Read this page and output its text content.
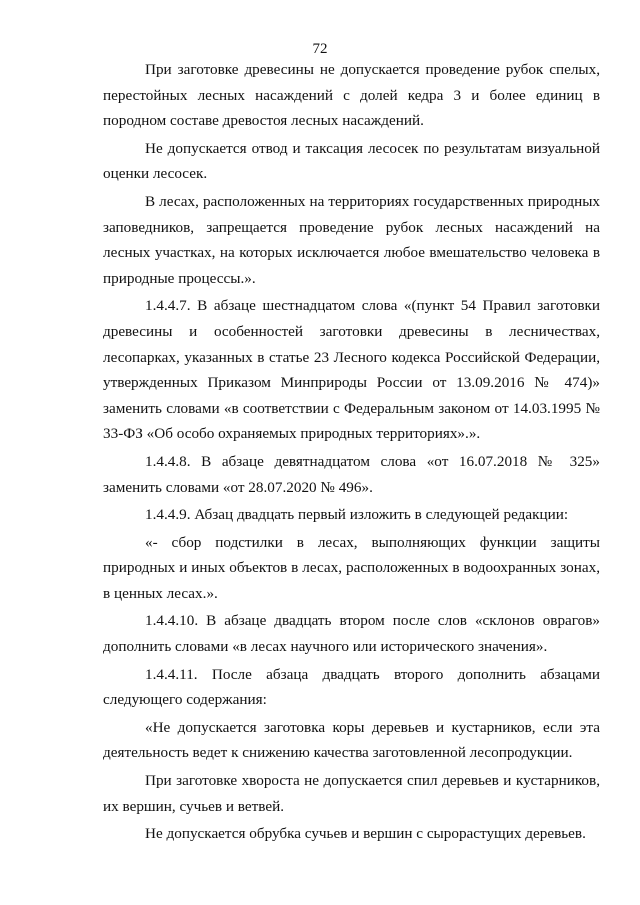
72

При заготовке древесины не допускается проведение рубок спелых, перестойных лесных насаждений с долей кедра 3 и более единиц в породном составе древостоя лесных насаждений.

Не допускается отвод и таксация лесосек по результатам визуальной оценки лесосек.

В лесах, расположенных на территориях государственных природных заповедников, запрещается проведение рубок лесных насаждений на лесных участках, на которых исключается любое вмешательство человека в природные процессы.».

1.4.4.7. В абзаце шестнадцатом слова «(пункт 54 Правил заготовки древесины и особенностей заготовки древесины в лесничествах, лесопарках, указанных в статье 23 Лесного кодекса Российской Федерации, утвержденных Приказом Минприроды России от 13.09.2016 № 474)» заменить словами «в соответствии с Федеральным законом от 14.03.1995 № 33-ФЗ «Об особо охраняемых природных территориях».».

1.4.4.8. В абзаце девятнадцатом слова «от 16.07.2018 № 325» заменить словами «от 28.07.2020 № 496».

1.4.4.9. Абзац двадцать первый изложить в следующей редакции:

«- сбор подстилки в лесах, выполняющих функции защиты природных и иных объектов в лесах, расположенных в водоохранных зонах, в ценных лесах.».

1.4.4.10. В абзаце двадцать втором после слов «склонов оврагов» дополнить словами «в лесах научного или исторического значения».

1.4.4.11. После абзаца двадцать второго дополнить абзацами следующего содержания:

«Не допускается заготовка коры деревьев и кустарников, если эта деятельность ведет к снижению качества заготовленной лесопродукции.

При заготовке хвороста не допускается спил деревьев и кустарников, их вершин, сучьев и ветвей.

Не допускается обрубка сучьев и вершин с сырорастущих деревьев.
